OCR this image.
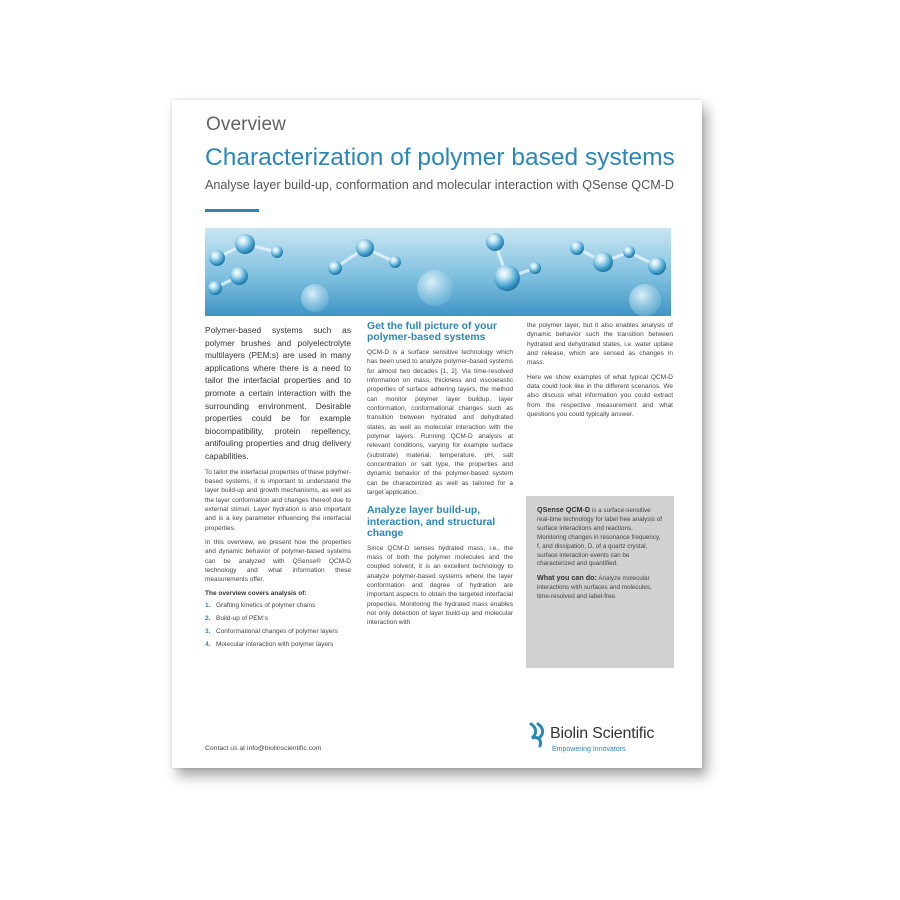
Overview
Characterization of polymer based systems
Analyse layer build-up, conformation and molecular interaction with QSense QCM-D

Polymer-based systems such as polymer brushes and polyelectrolyte multilayers (PEM:s) are used in many applications where there is a need to tailor the interfacial properties and to promote a certain interaction with the surrounding environment. Desirable properties could be for example biocompatibility, protein repellency, antifouling properties and drug delivery capabilities.

To tailor the interfacial properties of these polymer-based systems, it is important to understand the layer build-up and growth mechanisms, as well as the layer conformation and changes thereof due to external stimuli. Layer hydration is also important and is a key parameter influencing the interfacial properties.

In this overview, we present how the properties and dynamic behavior of polymer-based systems can be analyzed with QSense® QCM-D technology and what information these measurements offer.

The overview covers analysis of:
1. Grafting kinetics of polymer chains
2. Build-up of PEM:s
3. Conformational changes of polymer layers
4. Molecular interaction with polymer layers
Get the full picture of your polymer-based systems

QCM-D is a surface sensitive technology which has been used to analyze polymer-based systems for almost two decades [1, 2]. Via time-resolved information on mass, thickness and viscoelastic properties of surface adhering layers, the method can monitor polymer layer buildup, layer conformation, conformational changes such as transition between hydrated and dehydrated states, as well as molecular interaction with the polymer layers. Running QCM-D analysis at relevant conditions, varying for example surface (substrate) material, temperature, pH, salt concentration or salt type, the properties and dynamic behavior of the polymer-based system can be characterized as well as tailored for a target application.

Analyze layer build-up, interaction, and structural change

Since QCM-D senses hydrated mass, i.e., the mass of both the polymer molecules and the coupled solvent, it is an excellent technology to analyze polymer-based systems where the layer conformation and degree of hydration are important aspects to obtain the targeted interfacial properties. Monitoring the hydrated mass enables not only detection of layer build-up and molecular interaction with

the polymer layer, but it also enables analysis of dynamic behavior such the transition between hydrated and dehydrated states, i.e. water uptake and release, which are sensed as changes in mass.

Here we show examples of what typical QCM-D data could look like in the different scenarios. We also discuss what information you could extract from the respective measurement and what questions you could typically answer.

QSense QCM-D is a surface-sensitive real-time technology for label free analysis of surface interactions and reactions. Monitoring changes in resonance frequency, f, and dissipation, D, of a quartz crystal, surface interaction events can be characterized and quantified.

What you can do: Analyze molecular interactions with surfaces and molecules, time-resolved and label-free.

Contact us at info@biolinscientific.com
Biolin Scientific
Empowering Innovators
